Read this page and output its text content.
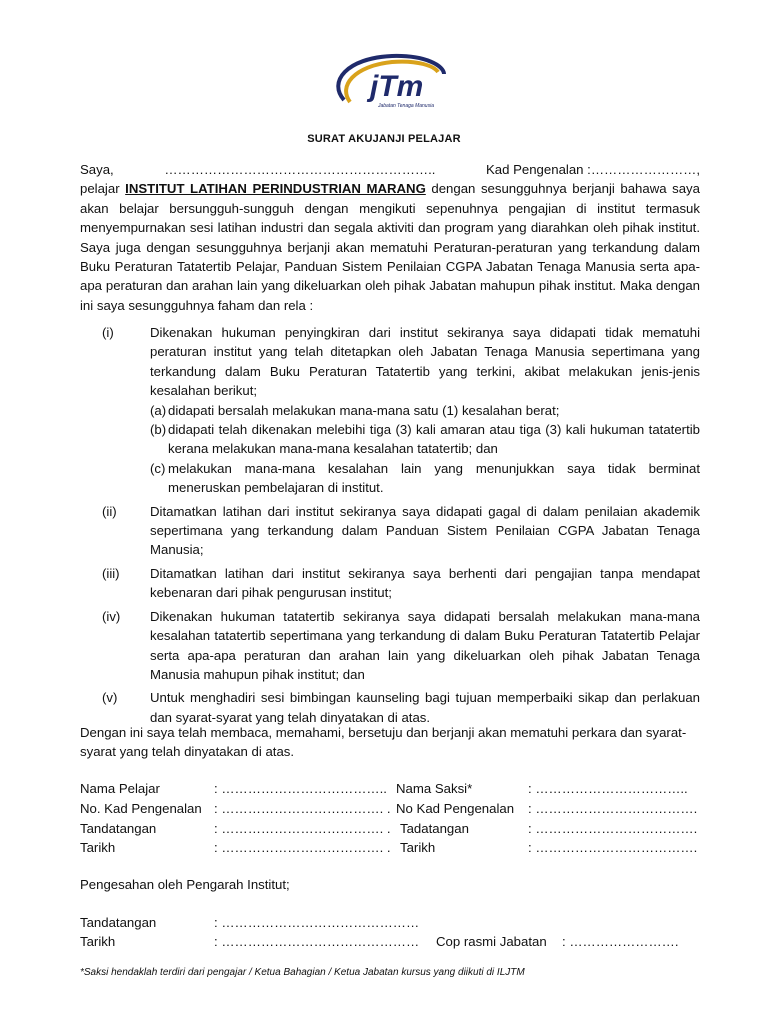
jTm
Jabatan Tenaga Manusia
SURAT AKUJANJI PELAJAR
Saya,	……………………………………………………..	Kad Pengenalan :……………………,
pelajar INSTITUT LATIHAN PERINDUSTRIAN MARANG dengan sesungguhnya berjanji bahawa saya akan belajar bersungguh-sungguh dengan mengikuti sepenuhnya pengajian di institut termasuk menyempurnakan sesi latihan industri dan segala aktiviti dan program yang diarahkan oleh pihak institut. Saya juga dengan sesungguhnya berjanji akan mematuhi Peraturan-peraturan yang terkandung dalam Buku Peraturan Tatatertib Pelajar, Panduan Sistem Penilaian CGPA Jabatan Tenaga Manusia serta apa-apa peraturan dan arahan lain yang dikeluarkan oleh pihak Jabatan mahupun pihak institut. Maka dengan ini saya sesungguhnya faham dan rela :
(i)	Dikenakan hukuman penyingkiran dari institut sekiranya saya didapati tidak mematuhi peraturan institut yang telah ditetapkan oleh Jabatan Tenaga Manusia sepertimana yang terkandung dalam Buku Peraturan Tatatertib yang terkini, akibat melakukan jenis-jenis kesalahan berikut;
(a) didapati bersalah melakukan mana-mana satu (1) kesalahan berat;
(b) didapati telah dikenakan melebihi tiga (3) kali amaran atau tiga (3) kali hukuman tatatertib kerana melakukan mana-mana kesalahan tatatertib; dan
(c) melakukan mana-mana kesalahan lain yang menunjukkan saya tidak berminat meneruskan pembelajaran di institut.
(ii)	Ditamatkan latihan dari institut sekiranya saya didapati gagal di dalam penilaian akademik sepertimana yang terkandung dalam Panduan Sistem Penilaian CGPA Jabatan Tenaga Manusia;
(iii) Ditamatkan latihan dari institut sekiranya saya berhenti dari pengajian tanpa mendapat kebenaran dari pihak pengurusan institut;
(iv) Dikenakan hukuman tatatertib sekiranya saya didapati bersalah melakukan mana-mana kesalahan tatatertib sepertimana yang terkandung di dalam Buku Peraturan Tatatertib Pelajar serta apa-apa peraturan dan arahan lain yang dikeluarkan oleh pihak Jabatan Tenaga Manusia mahupun pihak institut; dan
(v) Untuk menghadiri sesi bimbingan kaunseling bagi tujuan memperbaiki sikap dan perlakuan dan syarat-syarat yang telah dinyatakan di atas.
Dengan ini saya telah membaca, memahami, bersetuju dan berjanji akan mematuhi perkara dan syarat-syarat yang telah dinyatakan di atas.
Nama Pelajar	: ……………………………….. Nama Saksi*	: ……………………………..
No. Kad Pengenalan : ………………………………. . No Kad Pengenalan : ……………………………….
Tandatangan	: ………………………………. . Tadatangan	: ……………………………….
Tarikh	: ………………………………. . Tarikh	: ……………………………….
Pengesahan oleh Pengarah Institut;
Tandatangan	: ………………………………………
Tarikh	: ……………………………………… Cop rasmi Jabatan : …………………….
*Saksi hendaklah terdiri dari pengajar / Ketua Bahagian / Ketua Jabatan kursus yang diikuti di ILJTM
